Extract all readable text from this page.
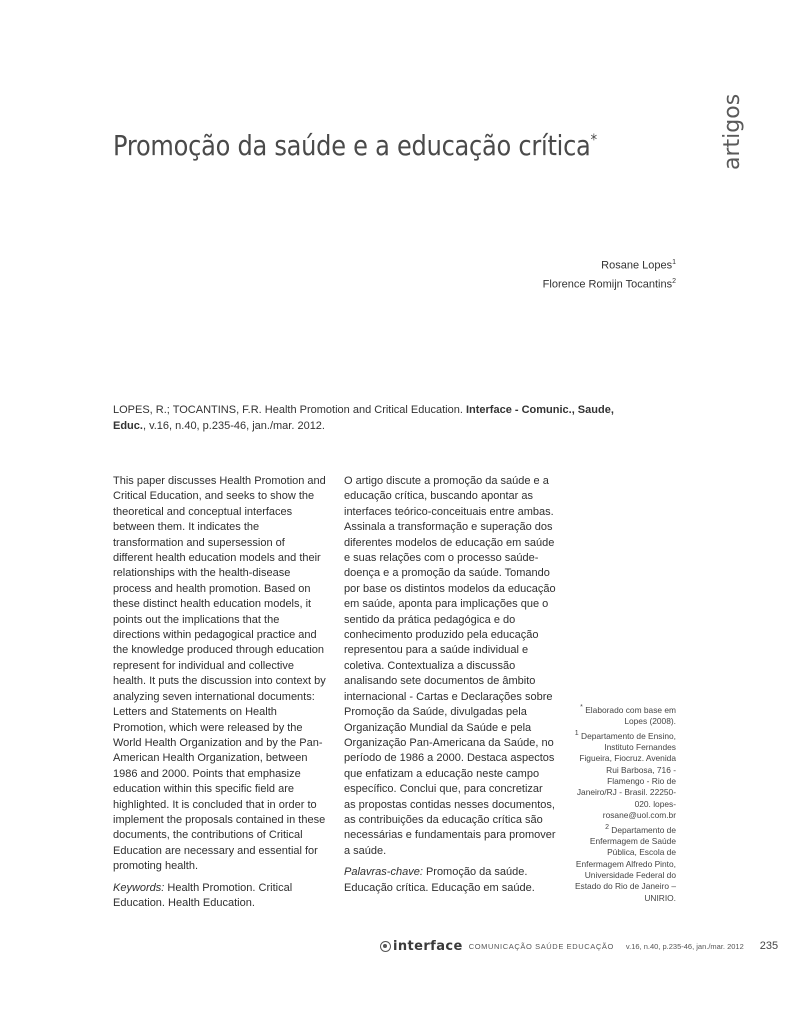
Promoção da saúde e a educação crítica*	artigos
Rosane Lopes$^1$
Florence Romijn Tocantins$^2$
LOPES, R.; TOCANTINS, F.R. Health Promotion and Critical Education. Interface - Comunic., Saude, Educ., v.16, n.40, p.235-46, jan./mar. 2012.

This paper discusses Health Promotion and Critical Education, and seeks to show the theoretical and conceptual interfaces between them. It indicates the transformation and supersession of different health education models and their relationships with the health-disease process and health promotion. Based on these distinct health education models, it points out the implications that the directions within pedagogical practice and the knowledge produced through education represent for individual and collective health. It puts the discussion into context by analyzing seven international documents: Letters and Statements on Health Promotion, which were released by the World Health Organization and by the Pan-American Health Organization, between 1986 and 2000. Points that emphasize education within this specific field are highlighted. It is concluded that in order to implement the proposals contained in these documents, the contributions of Critical Education are necessary and essential for promoting health.

Keywords: Health Promotion. Critical Education. Health Education.

O artigo discute a promoção da saúde e a educação crítica, buscando apontar as interfaces teórico-conceituais entre ambas. Assinala a transformação e superação dos diferentes modelos de educação em saúde e suas relações com o processo saúde-doença e a promoção da saúde. Tomando por base os distintos modelos da educação em saúde, aponta para implicações que o sentido da prática pedagógica e do conhecimento produzido pela educação representou para a saúde individual e coletiva. Contextualiza a discussão analisando sete documentos de âmbito internacional - Cartas e Declarações sobre Promoção da Saúde, divulgadas pela Organização Mundial da Saúde e pela Organização Pan-Americana da Saúde, no período de 1986 a 2000. Destaca aspectos que enfatizam a educação neste campo específico. Conclui que, para concretizar as propostas contidas nesses documentos, as contribuições da educação crítica são necessárias e fundamentais para promover a saúde.

Palavras-chave: Promoção da saúde. Educação crítica. Educação em saúde.

* Elaborado com base em Lopes (2008).
$^1$ Departamento de Ensino, Instituto Fernandes Figueira, Fiocruz. Avenida Rui Barbosa, 716 - Flamengo - Rio de Janeiro/RJ - Brasil. 22250-020. lopes-rosane@uol.com.br
$^2$ Departamento de Enfermagem de Saúde Pública, Escola de Enfermagem Alfredo Pinto, Universidade Federal do Estado do Rio de Janeiro – UNIRIO.
interface COMUNICAÇÃO SAÚDE EDUCAÇÃO v.16, n.40, p.235-46, jan./mar. 2012 235
